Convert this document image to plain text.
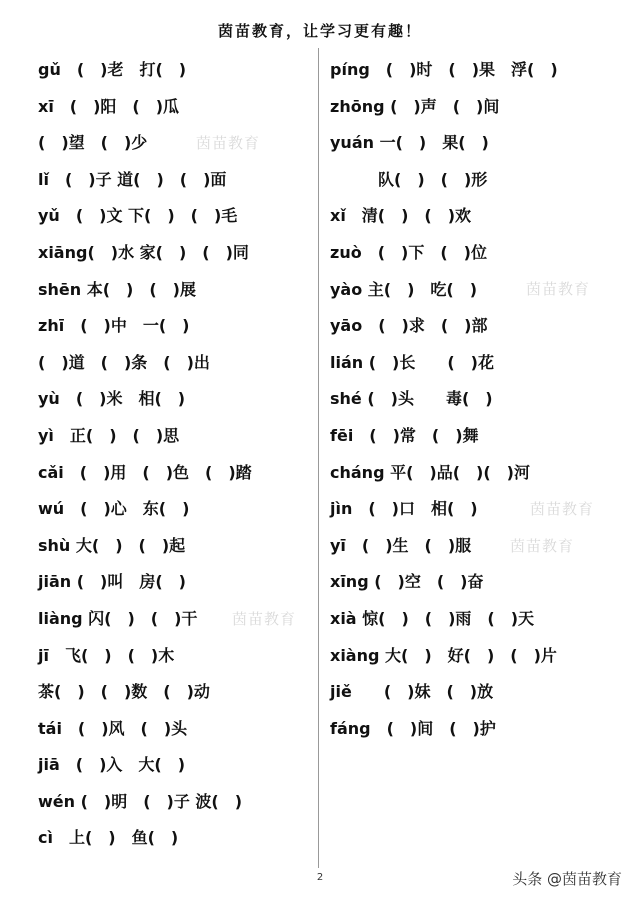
茵苗教育，让学习更有趣！
gǔ　(　)老　打(　)
xī　(　)阳　(　)瓜
(　)望　(　)少
lǐ　(　)子 道(　)　(　)面
yǔ　(　)文 下(　)　(　)毛
xiāng(　)水 家(　)　(　)同
shēn 本(　)　(　)展
zhī　(　)中　一(　)
(　)道　(　)条　(　)出
yù　(　)米　相(　)
yì　正(　)　(　)思
cǎi　(　)用　(　)色　(　)踏
wú　(　)心　东(　)
shù 大(　)　(　)起
jiān (　)叫　房(　)
liàng 闪(　)　(　)干
jī　飞(　)　(　)木
茶(　)　(　)数　(　)动
tái　(　)风　(　)头
jiā　(　)入　大(　)
wén (　)明　(　)子 波(　)
cì　上(　)　鱼(　)
píng　(　)时　(　)果　浮(　)
zhōng (　)声　(　)间
yuán 一(　)　果(　)
　　　队(　)　(　)形
xǐ　清(　)　(　)欢
zuò　(　)下　(　)位
yào 主(　)　吃(　)
yāo　(　)求　(　)部
lián (　)长　　(　)花
shé (　)头　　毒(　)
fēi　(　)常　(　)舞
cháng 平(　)品(　)(　)河
jìn　(　)口　相(　)
yī　(　)生　(　)服
xīng (　)空　(　)奋
xià 惊(　)　(　)雨　(　)天
xiàng 大(　)　好(　)　(　)片
jiě　　(　)妹　(　)放
fáng　(　)间　(　)护
茵苗教育
茵苗教育
茵苗教育
茵苗教育
茵苗教育
2	头条 @茵苗教育
